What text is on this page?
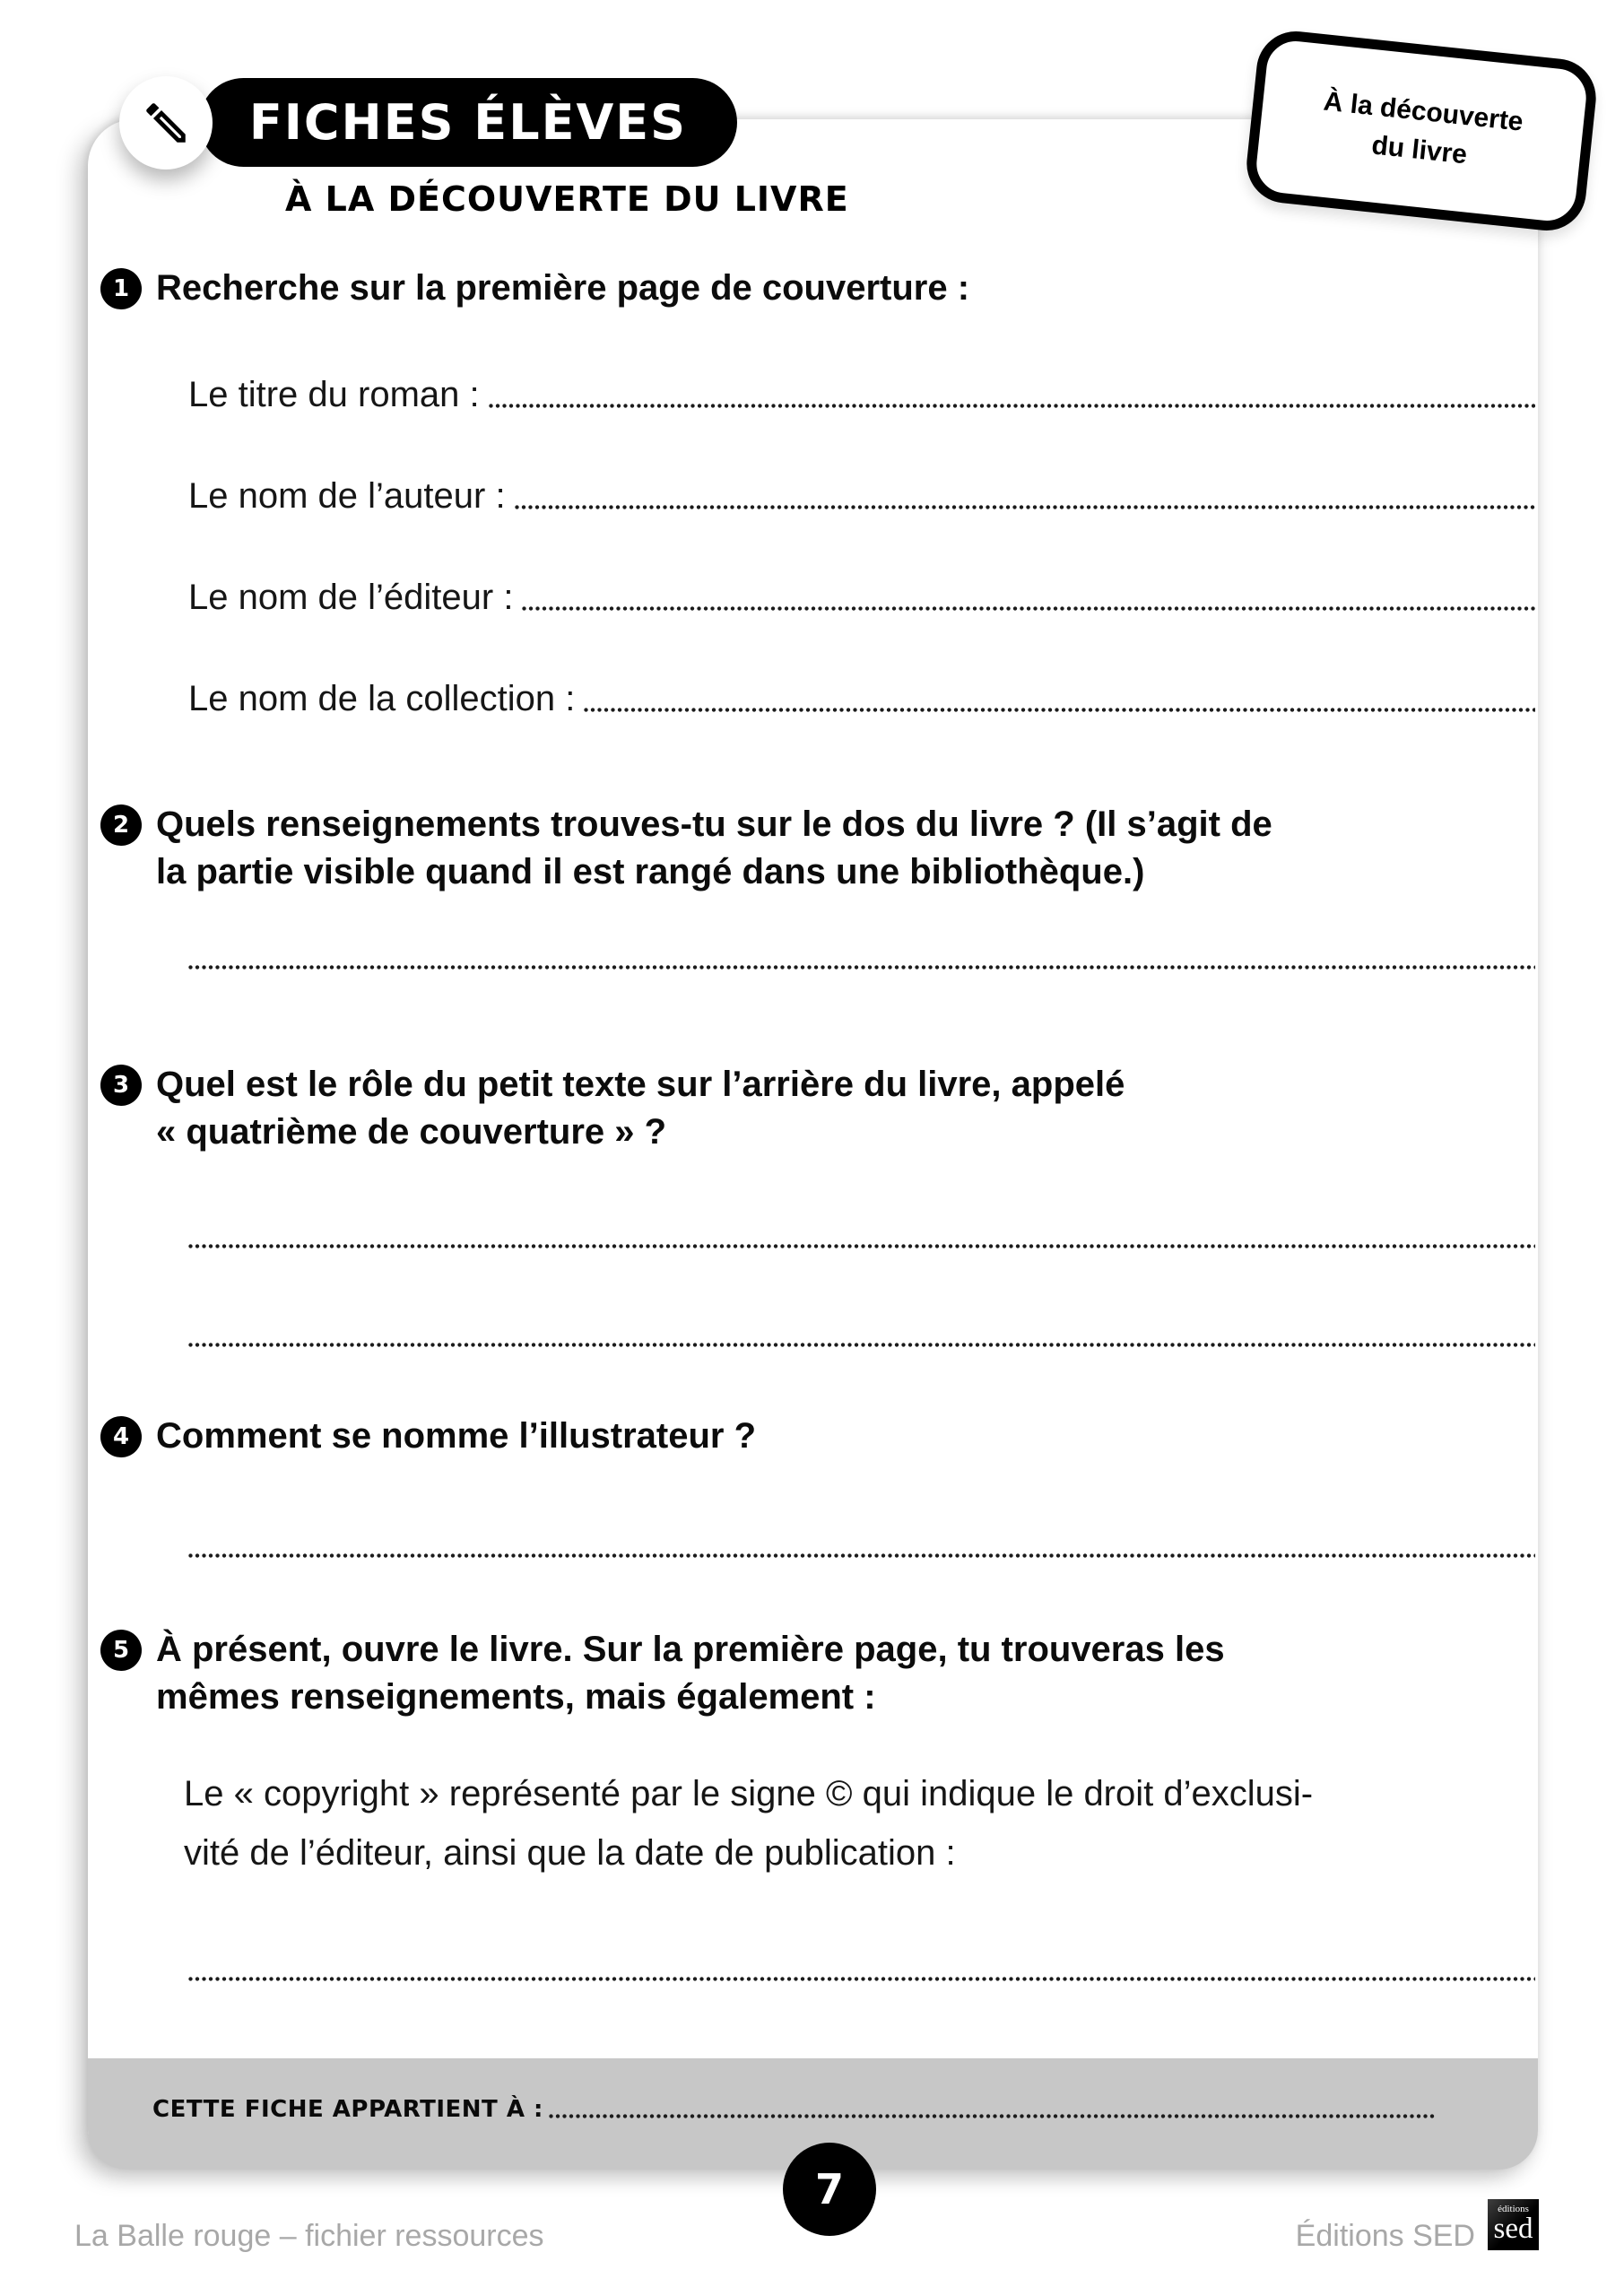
FICHES ÉLÈVES
À LA DÉCOUVERTE DU LIVRE
À la découverte
du livre
1 Recherche sur la première page de couverture :
Le titre du roman :
Le nom de l’auteur :
Le nom de l’éditeur :
Le nom de la collection :
2 Quels renseignements trouves-tu sur le dos du livre ? (Il s’agit de
la partie visible quand il est rangé dans une bibliothèque.)
3 Quel est le rôle du petit texte sur l’arrière du livre, appelé
« quatrième de couverture » ?
4 Comment se nomme l’illustrateur ?
5 À présent, ouvre le livre. Sur la première page, tu trouveras les
mêmes renseignements, mais également :
Le « copyright » représenté par le signe © qui indique le droit d’exclusi-
vité de l’éditeur, ainsi que la date de publication :
CETTE FICHE APPARTIENT À :
7
La Balle rouge – fichier ressources	Éditions SED
éditions
sed
